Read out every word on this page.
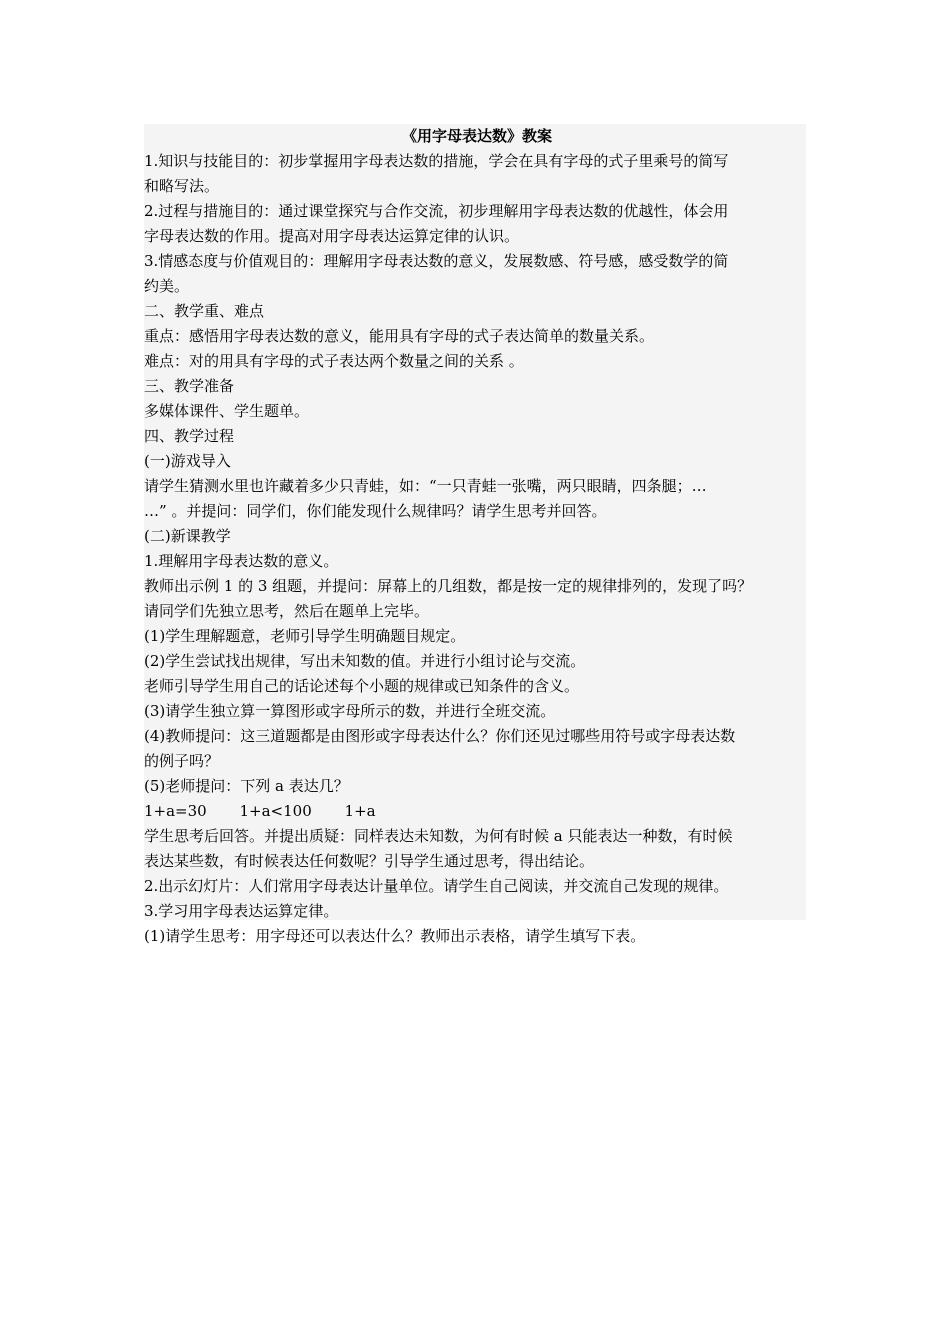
《用字母表达数》教案

1.知识与技能目的：初步掌握用字母表达数的措施，学会在具有字母的式子里乘号的简写

和略写法。

2.过程与措施目的：通过课堂探究与合作交流，初步理解用字母表达数的优越性，体会用

字母表达数的作用。提高对用字母表达运算定律的认识。

3.情感态度与价值观目的：理解用字母表达数的意义，发展数感、符号感，感受数学的简

约美。

二、教学重、难点

重点：感悟用字母表达数的意义，能用具有字母的式子表达简单的数量关系。

难点：对的用具有字母的式子表达两个数量之间的关系 。

三、教学准备

多媒体课件、学生题单。

四、教学过程

(一)游戏导入

请学生猜测水里也许藏着多少只青蛙，如：“一只青蛙一张嘴，两只眼睛，四条腿；…

…” 。并提问：同学们，你们能发现什么规律吗？请学生思考并回答。

(二)新课教学

1.理解用字母表达数的意义。

教师出示例 1 的 3 组题，并提问：屏幕上的几组数，都是按一定的规律排列的，发现了吗？

请同学们先独立思考，然后在题单上完毕。

(1)学生理解题意，老师引导学生明确题目规定。

(2)学生尝试找出规律，写出未知数的值。并进行小组讨论与交流。

老师引导学生用自己的话论述每个小题的规律或已知条件的含义。

(3)请学生独立算一算图形或字母所示的数，并进行全班交流。

(4)教师提问：这三道题都是由图形或字母表达什么？你们还见过哪些用符号或字母表达数

的例子吗？

(5)老师提问：下列 a 表达几？

1+a=30 1+a<100 1+a

学生思考后回答。并提出质疑：同样表达未知数，为何有时候 a 只能表达一种数，有时候

表达某些数，有时候表达任何数呢？引导学生通过思考，得出结论。

2.出示幻灯片：人们常用字母表达计量单位。请学生自己阅读，并交流自己发现的规律。

3.学习用字母表达运算定律。

(1)请学生思考：用字母还可以表达什么？教师出示表格，请学生填写下表。
